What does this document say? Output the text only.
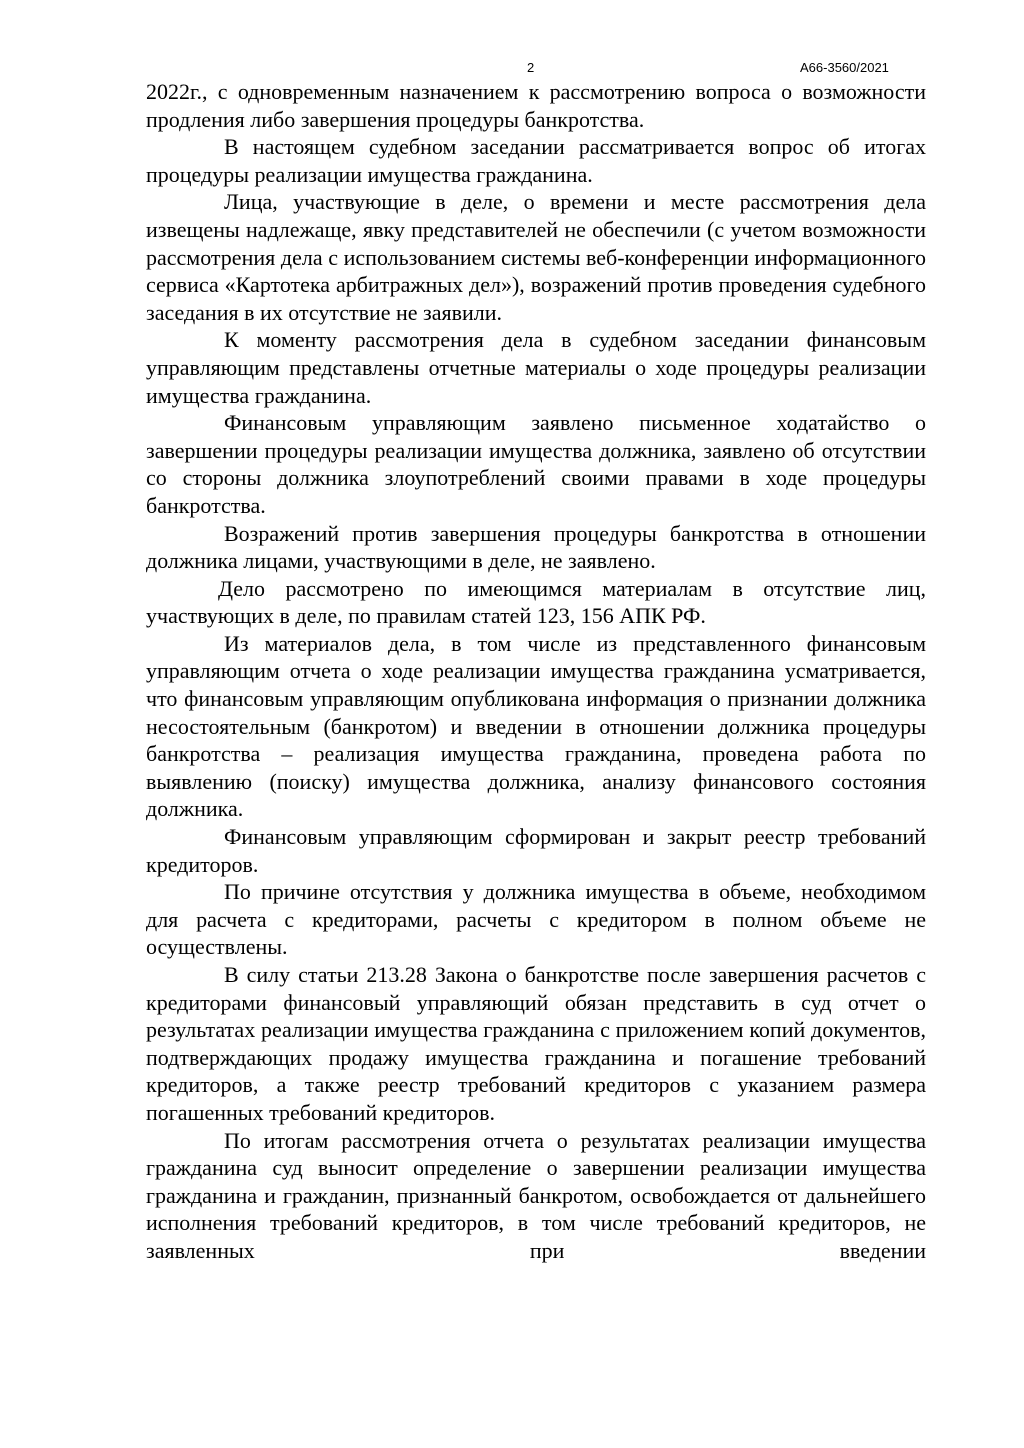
2	А66-3560/2021

2022г., с одновременным назначением к рассмотрению вопроса о возможности продления либо завершения процедуры банкротства.

В настоящем судебном заседании рассматривается вопрос об итогах процедуры реализации имущества гражданина.

Лица, участвующие в деле, о времени и месте рассмотрения дела извещены надлежаще, явку представителей не обеспечили (с учетом возможности рассмотрения дела с использованием системы веб-конференции информационного сервиса «Картотека арбитражных дел»), возражений против проведения судебного заседания в их отсутствие не заявили.

К моменту рассмотрения дела в судебном заседании финансовым управляющим представлены отчетные материалы о ходе процедуры реализации имущества гражданина.

Финансовым управляющим заявлено письменное ходатайство о завершении процедуры реализации имущества должника, заявлено об отсутствии со стороны должника злоупотреблений своими правами в ходе процедуры банкротства.

Возражений против завершения процедуры банкротства в отношении должника лицами, участвующими в деле, не заявлено.

Дело рассмотрено по имеющимся материалам в отсутствие лиц, участвующих в деле, по правилам статей 123, 156 АПК РФ.

Из материалов дела, в том числе из представленного финансовым управляющим отчета о ходе реализации имущества гражданина усматривается, что финансовым управляющим опубликована информация о признании должника несостоятельным (банкротом) и введении в отношении должника процедуры банкротства – реализация имущества гражданина, проведена работа по выявлению (поиску) имущества должника, анализу финансового состояния должника.

Финансовым управляющим сформирован и закрыт реестр требований кредиторов.

По причине отсутствия у должника имущества в объеме, необходимом для расчета с кредиторами, расчеты с кредитором в полном объеме не осуществлены.

В силу статьи 213.28 Закона о банкротстве после завершения расчетов с кредиторами финансовый управляющий обязан представить в суд отчет о результатах реализации имущества гражданина с приложением копий документов, подтверждающих продажу имущества гражданина и погашение требований кредиторов, а также реестр требований кредиторов с указанием размера погашенных требований кредиторов.

По итогам рассмотрения отчета о результатах реализации имущества гражданина суд выносит определение о завершении реализации имущества гражданина и гражданин, признанный банкротом, освобождается от дальнейшего исполнения требований кредиторов, в том числе требований кредиторов, не заявленных при введении
